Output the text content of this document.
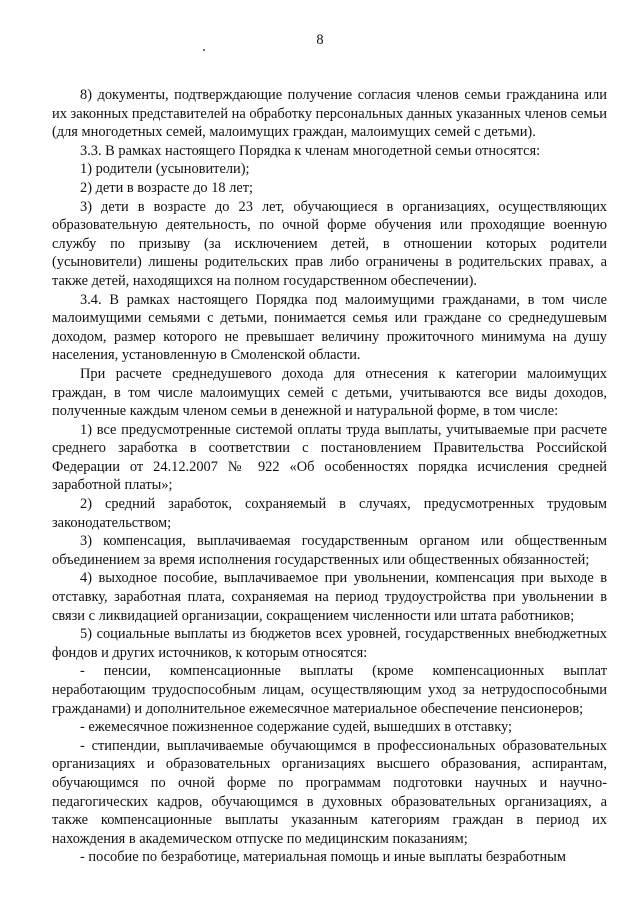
8

8) документы, подтверждающие получение согласия членов семьи гражданина или их законных представителей на обработку персональных данных указанных членов семьи (для многодетных семей, малоимущих граждан, малоимущих семей с детьми).

3.3. В рамках настоящего Порядка к членам многодетной семьи относятся:

1) родители (усыновители);

2) дети в возрасте до 18 лет;

3) дети в возрасте до 23 лет, обучающиеся в организациях, осуществляющих образовательную деятельность, по очной форме обучения или проходящие военную службу по призыву (за исключением детей, в отношении которых родители (усыновители) лишены родительских прав либо ограничены в родительских правах, а также детей, находящихся на полном государственном обеспечении).

3.4. В рамках настоящего Порядка под малоимущими гражданами, в том числе малоимущими семьями с детьми, понимается семья или граждане со среднедушевым доходом, размер которого не превышает величину прожиточного минимума на душу населения, установленную в Смоленской области.

При расчете среднедушевого дохода для отнесения к категории малоимущих граждан, в том числе малоимущих семей с детьми, учитываются все виды доходов, полученные каждым членом семьи в денежной и натуральной форме, в том числе:

1) все предусмотренные системой оплаты труда выплаты, учитываемые при расчете среднего заработка в соответствии с постановлением Правительства Российской Федерации от 24.12.2007 № 922 «Об особенностях порядка исчисления средней заработной платы»;

2) средний заработок, сохраняемый в случаях, предусмотренных трудовым законодательством;

3) компенсация, выплачиваемая государственным органом или общественным объединением за время исполнения государственных или общественных обязанностей;

4) выходное пособие, выплачиваемое при увольнении, компенсация при выходе в отставку, заработная плата, сохраняемая на период трудоустройства при увольнении в связи с ликвидацией организации, сокращением численности или штата работников;

5) социальные выплаты из бюджетов всех уровней, государственных внебюджетных фондов и других источников, к которым относятся:

- пенсии, компенсационные выплаты (кроме компенсационных выплат неработающим трудоспособным лицам, осуществляющим уход за нетрудоспособными гражданами) и дополнительное ежемесячное материальное обеспечение пенсионеров;

- ежемесячное пожизненное содержание судей, вышедших в отставку;

- стипендии, выплачиваемые обучающимся в профессиональных образовательных организациях и образовательных организациях высшего образования, аспирантам, обучающимся по очной форме по программам подготовки научных и научно-педагогических кадров, обучающимся в духовных образовательных организациях, а также компенсационные выплаты указанным категориям граждан в период их нахождения в академическом отпуске по медицинским показаниям;

- пособие по безработице, материальная помощь и иные выплаты безработным
